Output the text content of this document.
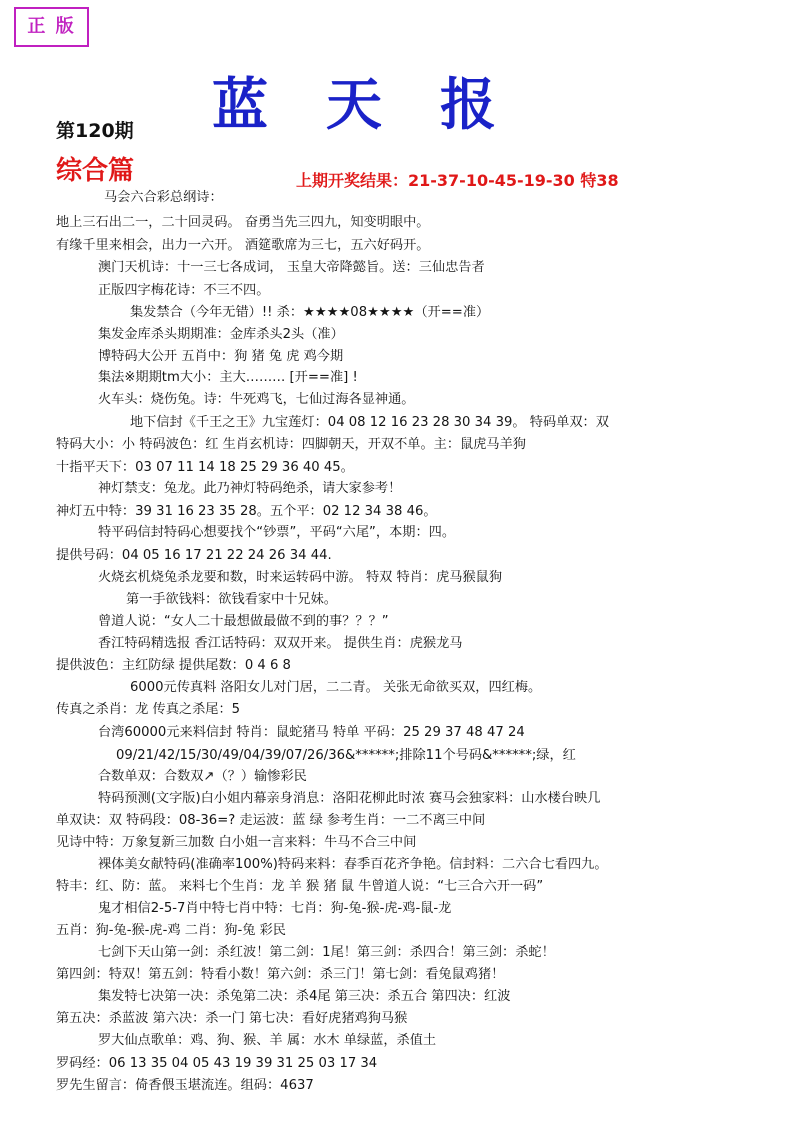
正 版
蓝天报
第120期
综合篇	上期开奖结果：21-37-10-45-19-30 特38
马会六合彩总纲诗：
地上三石出二一，二十回灵码。 奋勇当先三四九，知变明眼中。
有缘千里来相会，出力一六开。 酒筵歌席为三七，五六好码开。
澳门天机诗：十一三七各成词， 玉皇大帝降懿旨。送：三仙忠告者
正版四字梅花诗：不三不四。
集发禁合（今年无错）!! 杀：★★★★08★★★★（开==准）
集发金库杀头期期准：金库杀头2头（准）
博特码大公开 五肖中：狗 猪 兔 虎 鸡今期
集法※期期tm大小：主大……… [开==准] !
火车头：烧伤兔。诗：牛死鸡飞，七仙过海各显神通。
地下信封《千王之王》九宝莲灯：04 08 12 16 23 28 30 34 39。 特码单双：双
特码大小：小 特码波色：红 生肖玄机诗：四脚朝天，开双不单。主：鼠虎马羊狗
十指平天下：03 07 11 14 18 25 29 36 40 45。
神灯禁支：兔龙。此乃神灯特码绝杀，请大家参考！
神灯五中特：39 31 16 23 35 28。五个平：02 12 34 38 46。
特平码信封特码心想要找个“钞票”，平码“六尾”，本期：四。
提供号码：04 05 16 17 21 22 24 26 34 44.
火烧玄机烧兔杀龙要和数，时来运转码中游。 特双 特肖：虎马猴鼠狗
第一手欲钱料：欲钱看家中十兄妹。
曾道人说：“女人二十最想做最做不到的事？？？”
香江特码精选报 香江话特码：双双开来。 提供生肖：虎猴龙马
提供波色：主红防绿 提供尾数：0 4 6 8
6000元传真料 洛阳女儿对门居，二二青。 关张无命欲买双，四红梅。
传真之杀肖：龙 传真之杀尾：5
台湾60000元来料信封 特肖：鼠蛇猪马 特单 平码：25 29 37 48 47 24
09/21/42/15/30/49/04/39/07/26/36&******;排除11个号码&******;绿，红
合数单双：合数双↗（？）输惨彩民
特码预测(文字版)白小姐内幕亲身消息：洛阳花柳此时浓 赛马会独家料：山水楼台映几
单双诀：双 特码段：08-36=? 走运波：蓝 绿 参考生肖：一二不离三中间
见诗中特：万象复新三加数 白小姐一言来料：牛马不合三中间
裸体美女献特码(准确率100%)特码来料：春季百花齐争艳。信封料：二六合七看四九。
特丰：红、防：蓝。 来料七个生肖：龙 羊 猴 猪 鼠 牛曾道人说：“七三合六开一码”
鬼才相信2-5-7肖中特七肖中特：七肖：狗-兔-猴-虎-鸡-鼠-龙
五肖：狗-兔-猴-虎-鸡 二肖：狗-兔 彩民
七剑下天山第一剑：杀红波！第二剑：1尾！第三剑：杀四合！第三剑：杀蛇！
第四剑：特双！第五剑：特看小数！第六剑：杀三门！第七剑：看兔鼠鸡猪！
集发特七决第一决：杀兔第二决：杀4尾 第三决：杀五合 第四决：红波
第五决：杀蓝波 第六决：杀一门 第七决：看好虎猪鸡狗马猴
罗大仙点歌单：鸡、狗、猴、羊 属：水木 单绿蓝，杀值土
罗码经：06 13 35 04 05 43 19 39 31 25 03 17 34
罗先生留言：倚香偎玉堪流连。组码：4637
